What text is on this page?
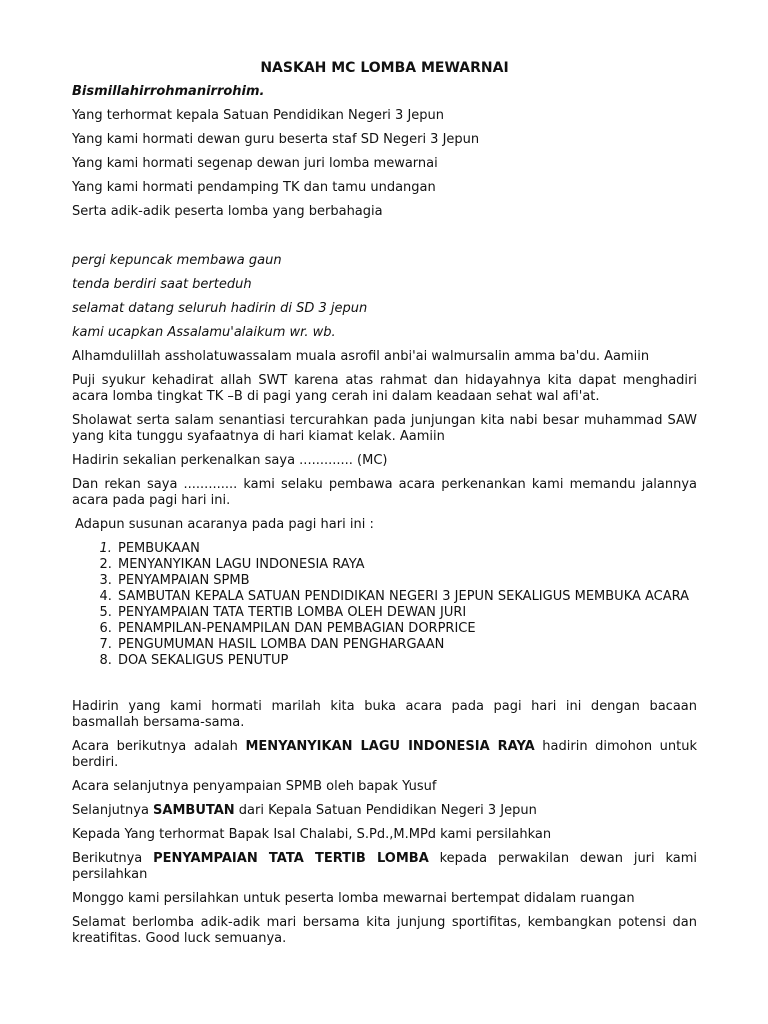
NASKAH MC LOMBA MEWARNAI
Bismillahirrohmanirrohim.
Yang terhormat kepala Satuan Pendidikan Negeri 3 Jepun
Yang kami hormati dewan guru beserta staf SD Negeri 3 Jepun
Yang kami hormati segenap dewan juri lomba mewarnai
Yang kami hormati pendamping TK dan tamu undangan
Serta adik-adik peserta lomba yang berbahagia
pergi kepuncak membawa gaun
tenda berdiri saat berteduh
selamat datang seluruh hadirin di SD 3 jepun
kami ucapkan Assalamu'alaikum wr. wb.
Alhamdulillah assholatuwassalam muala asrofil anbi'ai walmursalin amma ba'du. Aamiin
Puji syukur kehadirat allah SWT karena atas rahmat dan hidayahnya kita dapat menghadiri acara lomba tingkat TK –B di pagi yang cerah ini dalam keadaan sehat wal afi'at.
Sholawat serta salam senantiasi tercurahkan pada junjungan kita nabi besar muhammad SAW yang kita tunggu syafaatnya di hari kiamat kelak. Aamiin
Hadirin sekalian perkenalkan saya ............. (MC)
Dan rekan saya ............. kami selaku pembawa acara perkenankan kami memandu jalannya acara pada pagi hari ini.
Adapun susunan acaranya pada pagi hari ini :
1. PEMBUKAAN
2. MENYANYIKAN LAGU INDONESIA RAYA
3. PENYAMPAIAN SPMB
4. SAMBUTAN KEPALA SATUAN PENDIDIKAN NEGERI 3 JEPUN SEKALIGUS MEMBUKA ACARA
5. PENYAMPAIAN TATA TERTIB LOMBA OLEH DEWAN JURI
6. PENAMPILAN-PENAMPILAN DAN PEMBAGIAN DORPRICE
7. PENGUMUMAN HASIL LOMBA DAN PENGHARGAAN
8. DOA SEKALIGUS PENUTUP
Hadirin yang kami hormati marilah kita buka acara pada pagi hari ini dengan bacaan basmallah bersama-sama.
Acara berikutnya adalah MENYANYIKAN LAGU INDONESIA RAYA hadirin dimohon untuk berdiri.
Acara selanjutnya penyampaian SPMB oleh bapak Yusuf
Selanjutnya SAMBUTAN dari Kepala Satuan Pendidikan Negeri 3 Jepun
Kepada Yang terhormat Bapak Isal Chalabi, S.Pd.,M.MPd kami persilahkan
Berikutnya PENYAMPAIAN TATA TERTIB LOMBA kepada perwakilan dewan juri kami persilahkan
Monggo kami persilahkan untuk peserta lomba mewarnai bertempat didalam ruangan
Selamat berlomba adik-adik mari bersama kita junjung sportifitas, kembangkan potensi dan kreatifitas. Good luck semuanya.
